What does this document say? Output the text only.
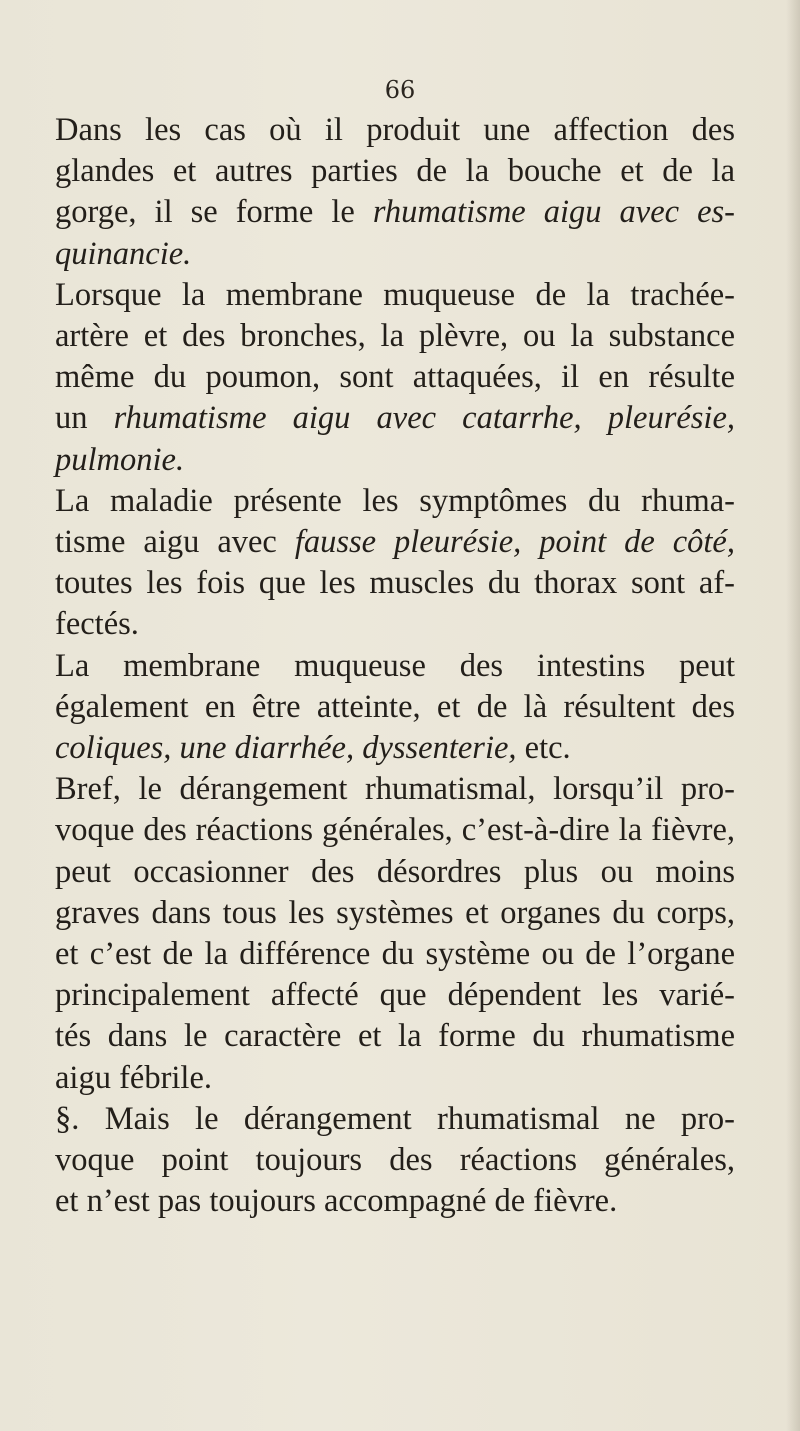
66
Dans les cas où il produit une affection des
glandes et autres parties de la bouche et de la
gorge, il se forme le rhumatisme aigu avec es-
quinancie.
Lorsque la membrane muqueuse de la trachée-
artère et des bronches, la plèvre, ou la substance
même du poumon, sont attaquées, il en résulte
un rhumatisme aigu avec catarrhe, pleurésie,
pulmonie.
La maladie présente les symptômes du rhuma-
tisme aigu avec fausse pleurésie, point de côté,
toutes les fois que les muscles du thorax sont af-
fectés.
La membrane muqueuse des intestins peut
également en être atteinte, et de là résultent des
coliques, une diarrhée, dyssenterie, etc.
Bref, le dérangement rhumatismal, lorsqu’il pro-
voque des réactions générales, c’est-à-dire la fièvre,
peut occasionner des désordres plus ou moins
graves dans tous les systèmes et organes du corps,
et c’est de la différence du système ou de l’organe
principalement affecté que dépendent les varié-
tés dans le caractère et la forme du rhumatisme
aigu fébrile.
§. Mais le dérangement rhumatismal ne pro-
voque point toujours des réactions générales,
et n’est pas toujours accompagné de fièvre.
